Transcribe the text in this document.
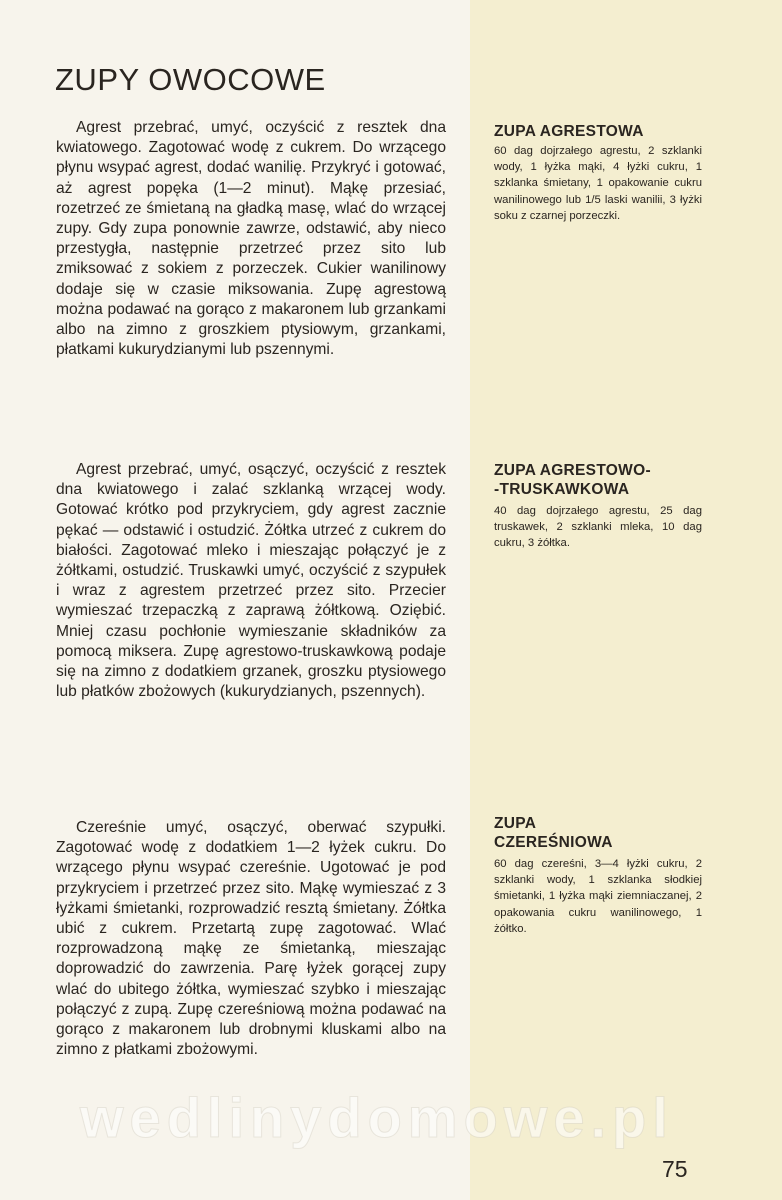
ZUPY OWOCOWE

Agrest przebrać, umyć, oczyścić z resztek dna kwiatowego. Zagotować wodę z cukrem. Do wrzącego płynu wsypać agrest, dodać wanilię. Przykryć i gotować, aż agrest popęka (1—2 minut). Mąkę przesiać, rozetrzeć ze śmietaną na gładką masę, wlać do wrzącej zupy. Gdy zupa ponownie zawrze, odstawić, aby nieco przestygła, następnie przetrzeć przez sito lub zmiksować z sokiem z porzeczek. Cukier wanilinowy dodaje się w czasie miksowania. Zupę agrestową można podawać na gorąco z makaronem lub grzankami albo na zimno z groszkiem ptysiowym, grzankami, płatkami kukurydzianymi lub pszennymi.

ZUPA AGRESTOWA

60 dag dojrzałego agrestu, 2 szklanki wody, 1 łyżka mąki, 4 łyżki cukru, 1 szklanka śmietany, 1 opakowanie cukru wanilinowego lub 1/5 laski wanilii, 3 łyżki soku z czarnej porzeczki.

Agrest przebrać, umyć, osączyć, oczyścić z resztek dna kwiatowego i zalać szklanką wrzącej wody. Gotować krótko pod przykryciem, gdy agrest zacznie pękać — odstawić i ostudzić. Żółtka utrzeć z cukrem do białości. Zagotować mleko i mieszając połączyć je z żółtkami, ostudzić. Truskawki umyć, oczyścić z szypułek i wraz z agrestem przetrzeć przez sito. Przecier wymieszać trzepaczką z zaprawą żółtkową. Oziębić. Mniej czasu pochłonie wymieszanie składników za pomocą miksera. Zupę agrestowo-truskawkową podaje się na zimno z dodatkiem grzanek, groszku ptysiowego lub płatków zbożowych (kukurydzianych, pszennych).

ZUPA AGRESTOWO-
-TRUSKAWKOWA

40 dag dojrzałego agrestu, 25 dag truskawek, 2 szklanki mleka, 10 dag cukru, 3 żółtka.

Czereśnie umyć, osączyć, oberwać szypułki. Zagotować wodę z dodatkiem 1—2 łyżek cukru. Do wrzącego płynu wsypać czereśnie. Ugotować je pod przykryciem i przetrzeć przez sito. Mąkę wymieszać z 3 łyżkami śmietanki, rozprowadzić resztą śmietany. Żółtka ubić z cukrem. Przetartą zupę zagotować. Wlać rozprowadzoną mąkę ze śmietanką, mieszając doprowadzić do zawrzenia. Parę łyżek gorącej zupy wlać do ubitego żółtka, wymieszać szybko i mieszając połączyć z zupą. Zupę czereśniową można podawać na gorąco z makaronem lub drobnymi kluskami albo na zimno z płatkami zbożowymi.

ZUPA
CZEREŚNIOWA

60 dag czereśni, 3—4 łyżki cukru, 2 szklanki wody, 1 szklanka słodkiej śmietanki, 1 łyżka mąki ziemniaczanej, 2 opakowania cukru wanilinowego, 1 żółtko.

wedlinydomowe.pl
75
